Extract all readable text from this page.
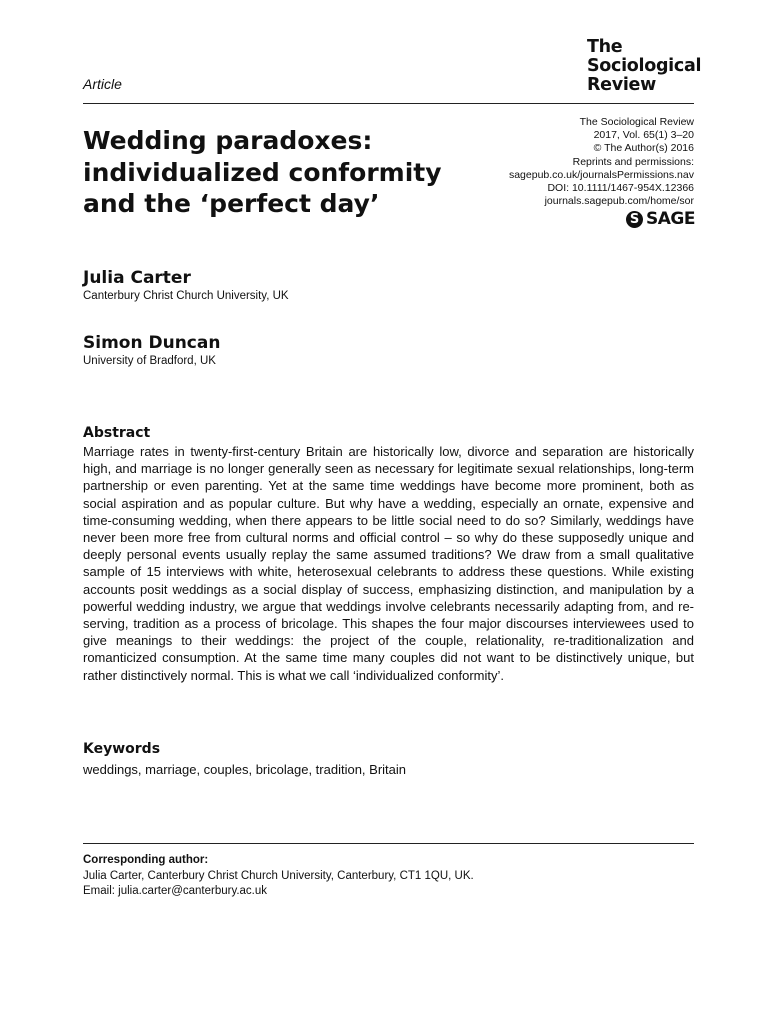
The
Sociological
Review
Article
Wedding paradoxes:
individualized conformity
and the ‘perfect day’
The Sociological Review
2017, Vol. 65(1) 3–20
© The Author(s) 2016
Reprints and permissions:
sagepub.co.uk/journalsPermissions.nav
DOI: 10.1111/1467-954X.12366
journals.sagepub.com/home/sor
S SAGE
Julia Carter
Canterbury Christ Church University, UK
Simon Duncan
University of Bradford, UK
Abstract

Marriage rates in twenty-first-century Britain are historically low, divorce and separation are historically high, and marriage is no longer generally seen as necessary for legitimate sexual relationships, long-term partnership or even parenting. Yet at the same time weddings have become more prominent, both as social aspiration and as popular culture. But why have a wedding, especially an ornate, expensive and time-consuming wedding, when there appears to be little social need to do so? Similarly, weddings have never been more free from cultural norms and official control – so why do these supposedly unique and deeply personal events usually replay the same assumed traditions? We draw from a small qualitative sample of 15 interviews with white, heterosexual celebrants to address these questions. While existing accounts posit weddings as a social display of success, emphasizing distinction, and manipulation by a powerful wedding industry, we argue that weddings involve celebrants necessarily adapting from, and re-serving, tradition as a process of bricolage. This shapes the four major discourses interviewees used to give meanings to their weddings: the project of the couple, relationality, re-traditionalization and romanticized consumption. At the same time many couples did not want to be distinctively unique, but rather distinctively normal. This is what we call ‘individualized conformity’.

Keywords
weddings, marriage, couples, bricolage, tradition, Britain
Corresponding author:
Julia Carter, Canterbury Christ Church University, Canterbury, CT1 1QU, UK.
Email: julia.carter@canterbury.ac.uk
